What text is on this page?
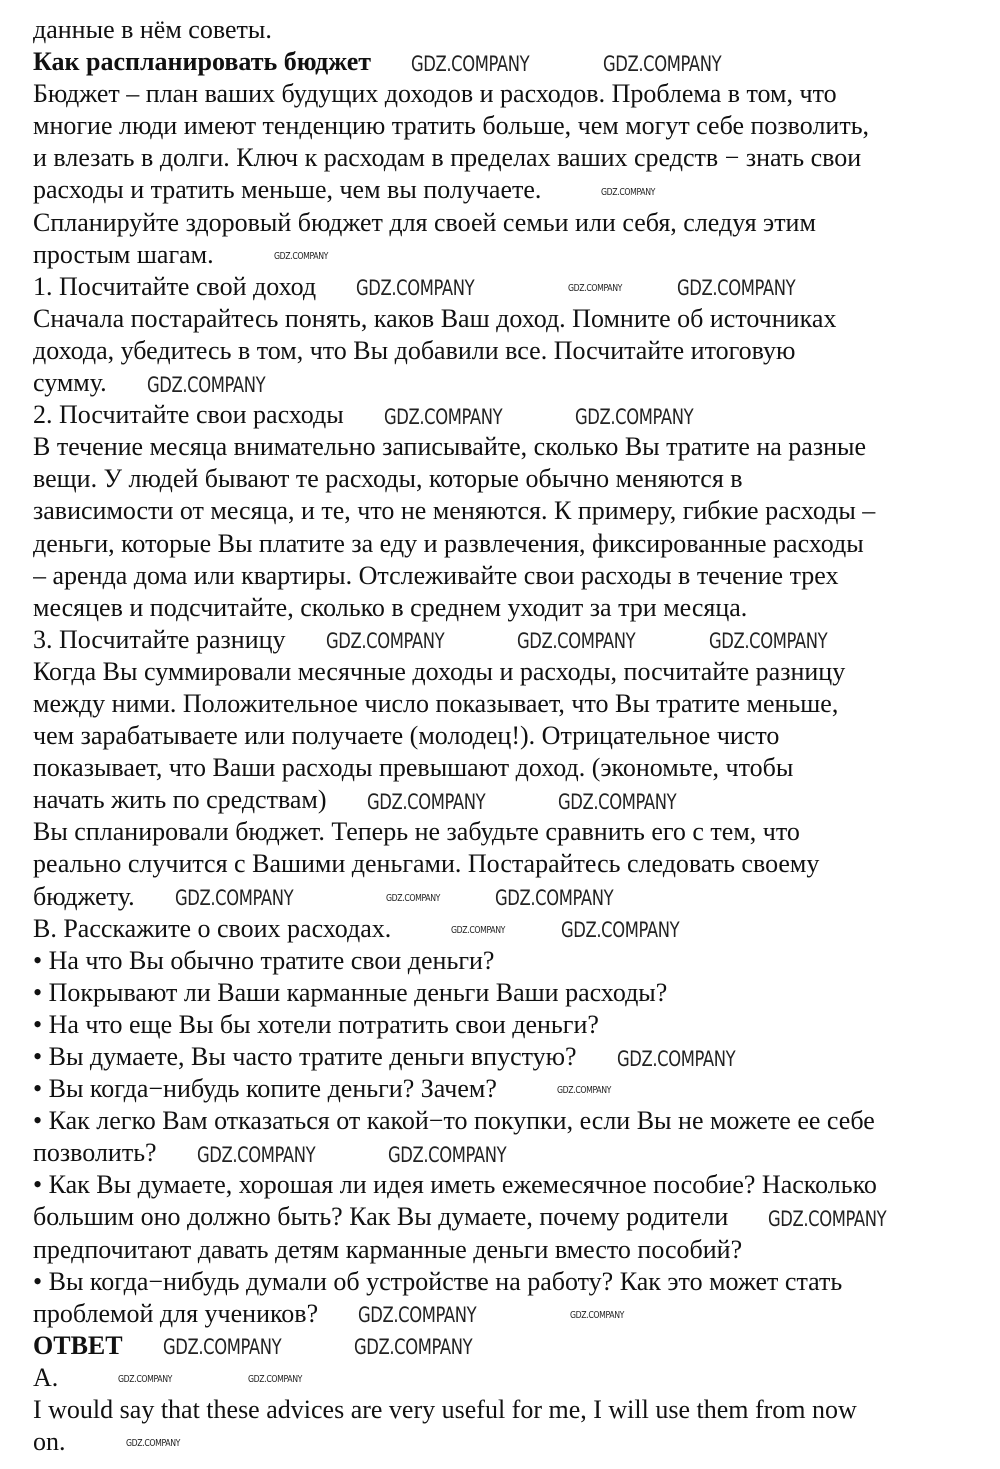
данные в нём советы.
Как распланировать бюджет GDZ.COMPANY	GDZ.COMPANY
Бюджет – план ваших будущих доходов и расходов. Проблема в том, что
многие люди имеют тенденцию тратить больше, чем могут себе позволить,
и влезать в долги. Ключ к расходам в пределах ваших средств − знать свои
расходы и тратить меньше, чем вы получаете.	GDZ.COMPANY
Спланируйте здоровый бюджет для своей семьи или себя, следуя этим
простым шагам.	GDZ.COMPANY
1. Посчитайте свой доход GDZ.COMPANY	GDZ.COMPANY	GDZ.COMPANY
Сначала постарайтесь понять, каков Ваш доход. Помните об источниках
дохода, убедитесь в том, что Вы добавили все. Посчитайте итоговую
сумму. GDZ.COMPANY
2. Посчитайте свои расходы GDZ.COMPANY	GDZ.COMPANY
В течение месяца внимательно записывайте, сколько Вы тратите на разные
вещи. У людей бывают те расходы, которые обычно меняются в
зависимости от месяца, и те, что не меняются. К примеру, гибкие расходы –
деньги, которые Вы платите за еду и развлечения, фиксированные расходы
– аренда дома или квартиры. Отслеживайте свои расходы в течение трех
месяцев и подсчитайте, сколько в среднем уходит за три месяца.
3. Посчитайте разницу GDZ.COMPANY	GDZ.COMPANY	GDZ.COMPANY
Когда Вы суммировали месячные доходы и расходы, посчитайте разницу
между ними. Положительное число показывает, что Вы тратите меньше,
чем зарабатываете или получаете (молодец!). Отрицательное чисто
показывает, что Ваши расходы превышают доход. (экономьте, чтобы
начать жить по средствам) GDZ.COMPANY	GDZ.COMPANY
Вы спланировали бюджет. Теперь не забудьте сравнить его с тем, что
реально случится с Вашими деньгами. Постарайтесь следовать своему
бюджету. GDZ.COMPANY	GDZ.COMPANY	GDZ.COMPANY
B. Расскажите о своих расходах.	GDZ.COMPANY	GDZ.COMPANY
• На что Вы обычно тратите свои деньги?
• Покрывают ли Ваши карманные деньги Ваши расходы?
• На что еще Вы бы хотели потратить свои деньги?
• Вы думаете, Вы часто тратите деньги впустую? GDZ.COMPANY
• Вы когда−нибудь копите деньги? Зачем?	GDZ.COMPANY
• Как легко Вам отказаться от какой−то покупки, если Вы не можете ее себе
позволить? GDZ.COMPANY	GDZ.COMPANY
• Как Вы думаете, хорошая ли идея иметь ежемесячное пособие? Насколько
большим оно должно быть? Как Вы думаете, почему родители GDZ.COMPANY
предпочитают давать детям карманные деньги вместо пособий?
• Вы когда−нибудь думали об устройстве на работу? Как это может стать
проблемой для учеников? GDZ.COMPANY	GDZ.COMPANY
ОТВЕТ GDZ.COMPANY	GDZ.COMPANY
A.	GDZ.COMPANY	GDZ.COMPANY
I would say that these advices are very useful for me, I will use them from now
on.	GDZ.COMPANY
